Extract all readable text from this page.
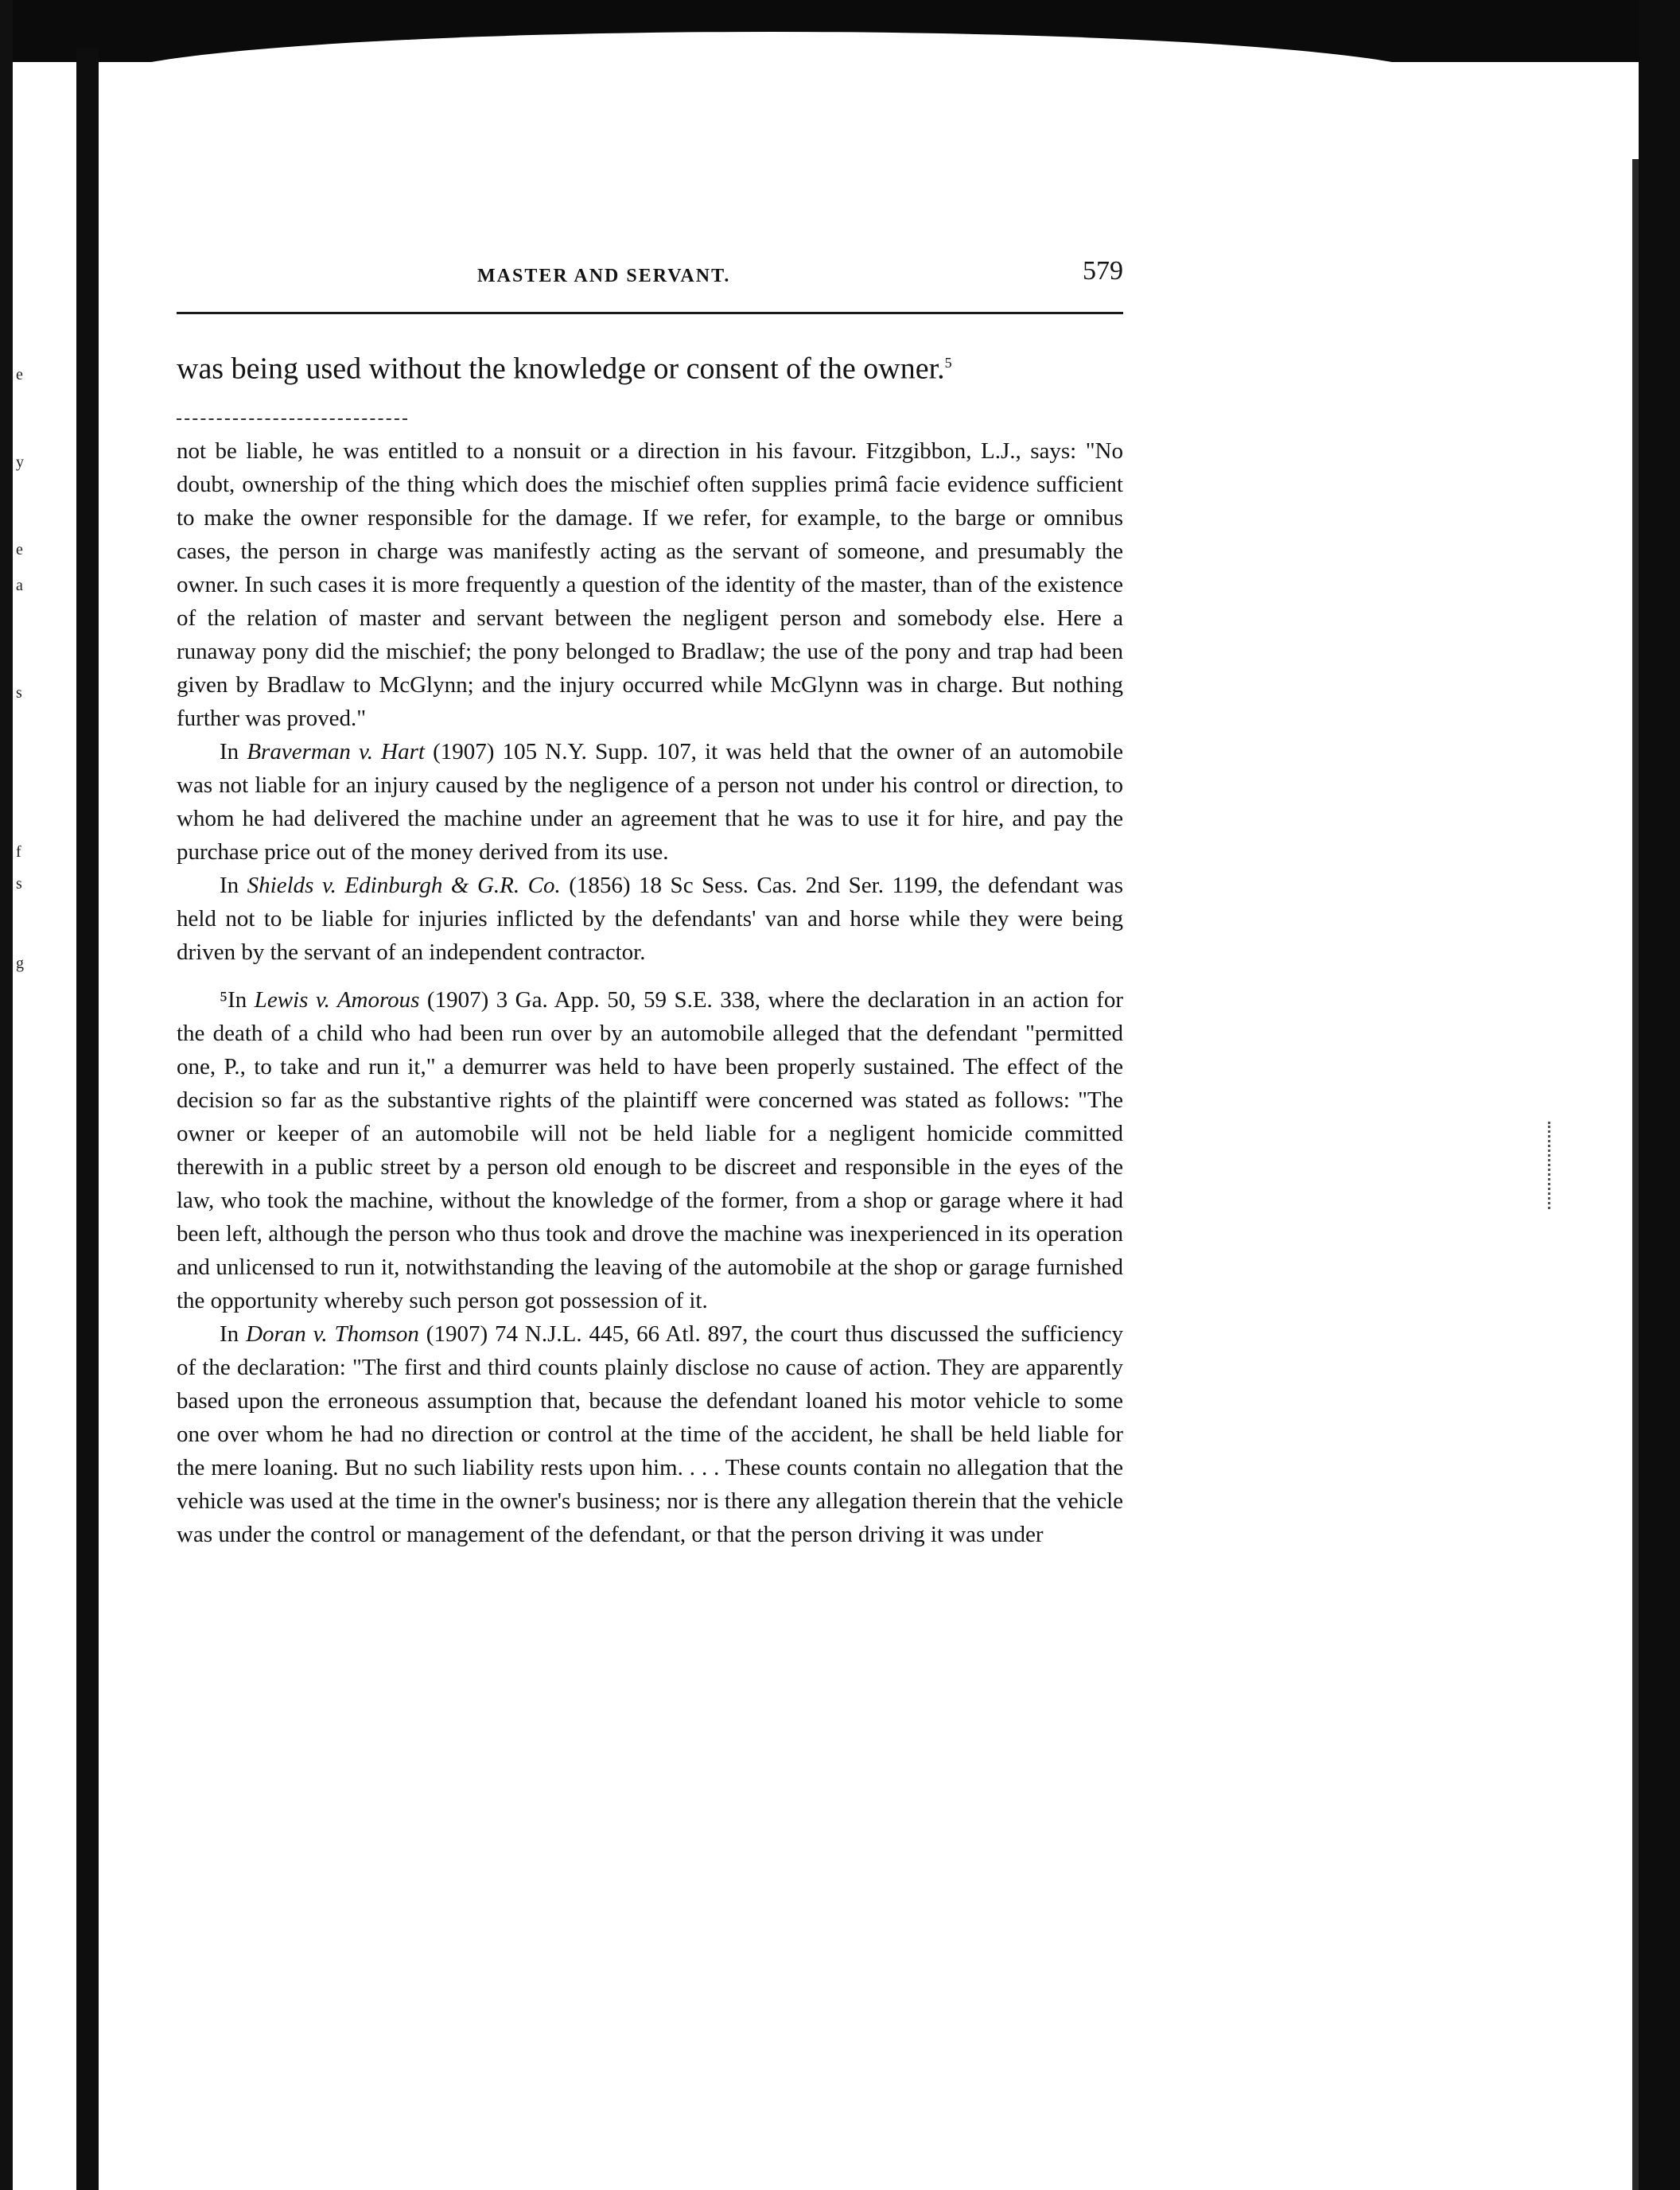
e
y
e
a
s
f
s
g
MASTER AND SERVANT.	579

was being used without the knowledge or consent of the owner.$^5$

not be liable, he was entitled to a nonsuit or a direction in his favour. Fitzgibbon, L.J., says: "No doubt, ownership of the thing which does the mischief often supplies primâ facie evidence sufficient to make the owner responsible for the damage. If we refer, for example, to the barge or omnibus cases, the person in charge was manifestly acting as the servant of someone, and presumably the owner. In such cases it is more frequently a question of the identity of the master, than of the existence of the relation of master and servant between the negligent person and somebody else. Here a runaway pony did the mischief; the pony belonged to Bradlaw; the use of the pony and trap had been given by Bradlaw to McGlynn; and the injury occurred while McGlynn was in charge. But nothing further was proved."

In Braverman v. Hart (1907) 105 N.Y. Supp. 107, it was held that the owner of an automobile was not liable for an injury caused by the negligence of a person not under his control or direction, to whom he had delivered the machine under an agreement that he was to use it for hire, and pay the purchase price out of the money derived from its use.

In Shields v. Edinburgh & G.R. Co. (1856) 18 Sc Sess. Cas. 2nd Ser. 1199, the defendant was held not to be liable for injuries inflicted by the defendants' van and horse while they were being driven by the servant of an independent contractor.

⁵In Lewis v. Amorous (1907) 3 Ga. App. 50, 59 S.E. 338, where the declaration in an action for the death of a child who had been run over by an automobile alleged that the defendant "permitted one, P., to take and run it," a demurrer was held to have been properly sustained. The effect of the decision so far as the substantive rights of the plaintiff were concerned was stated as follows: "The owner or keeper of an automobile will not be held liable for a negligent homicide committed therewith in a public street by a person old enough to be discreet and responsible in the eyes of the law, who took the machine, without the knowledge of the former, from a shop or garage where it had been left, although the person who thus took and drove the machine was inexperienced in its operation and unlicensed to run it, notwithstanding the leaving of the automobile at the shop or garage furnished the opportunity whereby such person got possession of it.

In Doran v. Thomson (1907) 74 N.J.L. 445, 66 Atl. 897, the court thus discussed the sufficiency of the declaration: "The first and third counts plainly disclose no cause of action. They are apparently based upon the erroneous assumption that, because the defendant loaned his motor vehicle to some one over whom he had no direction or control at the time of the accident, he shall be held liable for the mere loaning. But no such liability rests upon him. . . . These counts contain no allegation that the vehicle was used at the time in the owner's business; nor is there any allegation therein that the vehicle was under the control or management of the defendant, or that the person driving it was under
